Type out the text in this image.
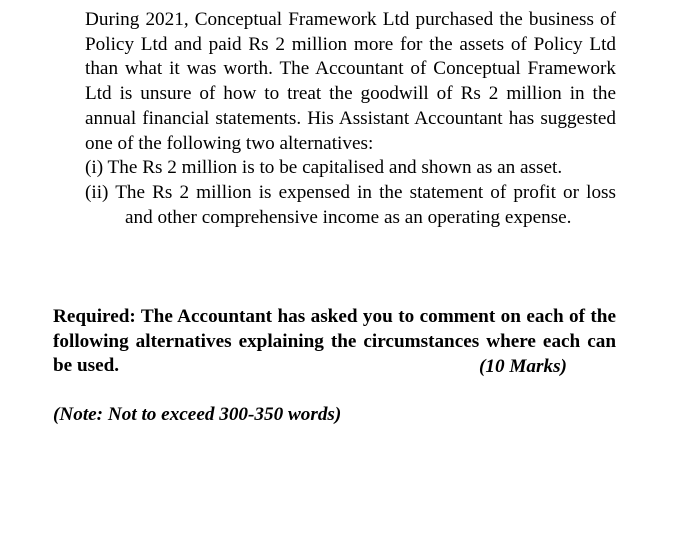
During 2021, Conceptual Framework Ltd purchased the business of Policy Ltd and paid Rs 2 million more for the assets of Policy Ltd than what it was worth. The Accountant of Conceptual Framework Ltd is unsure of how to treat the goodwill of Rs 2 million in the annual financial statements. His Assistant Accountant has suggested one of the following two alternatives:

(i) The Rs 2 million is to be capitalised and shown as an asset.

(ii) The Rs 2 million is expensed in the statement of profit or loss and other comprehensive income as an operating expense.

Required: The Accountant has asked you to comment on each of the following alternatives explaining the circumstances where each can be used.	(10 Marks)
(Note: Not to exceed 300-350 words)
